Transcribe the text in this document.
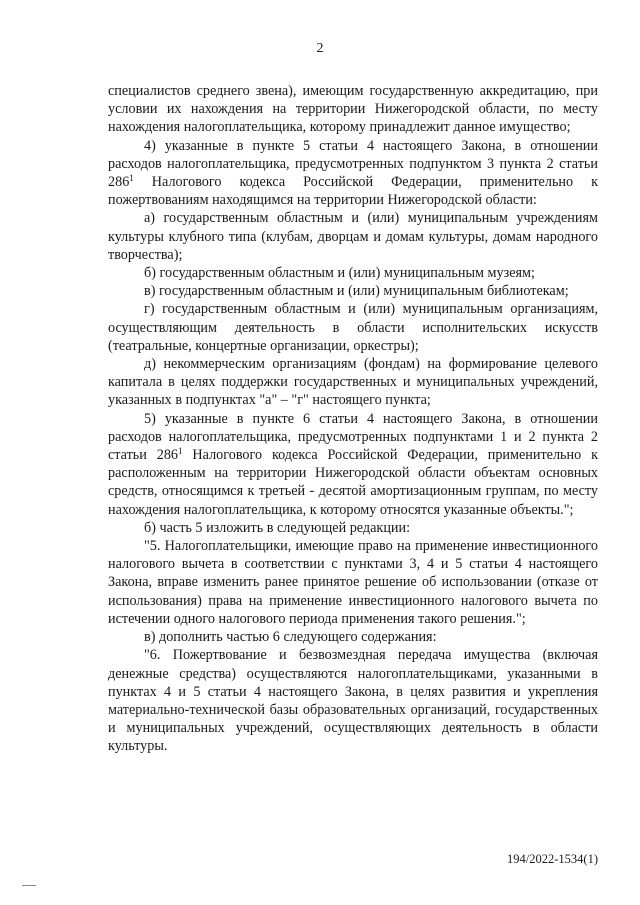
2

специалистов среднего звена), имеющим государственную аккредитацию, при условии их нахождения на территории Нижегородской области, по месту нахождения налогоплательщика, которому принадлежит данное имущество;

4) указанные в пункте 5 статьи 4 настоящего Закона, в отношении расходов налогоплательщика, предусмотренных подпунктом 3 пункта 2 статьи $286^1$ Налогового кодекса Российской Федерации, применительно к пожертвованиям находящимся на территории Нижегородской области:

а) государственным областным и (или) муниципальным учреждениям культуры клубного типа (клубам, дворцам и домам культуры, домам народного творчества);

б) государственным областным и (или) муниципальным музеям;

в) государственным областным и (или) муниципальным библиотекам;

г) государственным областным и (или) муниципальным организациям, осуществляющим деятельность в области исполнительских искусств (театральные, концертные организации, оркестры);

д) некоммерческим организациям (фондам) на формирование целевого капитала в целях поддержки государственных и муниципальных учреждений, указанных в подпунктах "а" – "г" настоящего пункта;

5) указанные в пункте 6 статьи 4 настоящего Закона, в отношении расходов налогоплательщика, предусмотренных подпунктами 1 и 2 пункта 2 статьи $286^1$ Налогового кодекса Российской Федерации, применительно к расположенным на территории Нижегородской области объектам основных средств, относящимся к третьей - десятой амортизационным группам, по месту нахождения налогоплательщика, к которому относятся указанные объекты.";

б) часть 5 изложить в следующей редакции:

"5. Налогоплательщики, имеющие право на применение инвестиционного налогового вычета в соответствии с пунктами 3, 4 и 5 статьи 4 настоящего Закона, вправе изменить ранее принятое решение об использовании (отказе от использования) права на применение инвестиционного налогового вычета по истечении одного налогового периода применения такого решения.";

в) дополнить частью 6 следующего содержания:

"6. Пожертвование и безвозмездная передача имущества (включая денежные средства) осуществляются налогоплательщиками, указанными в пунктах 4 и 5 статьи 4 настоящего Закона, в целях развития и укрепления материально-технической базы образовательных организаций, государственных и муниципальных учреждений, осуществляющих деятельность в области культуры.

194/2022-1534(1)
